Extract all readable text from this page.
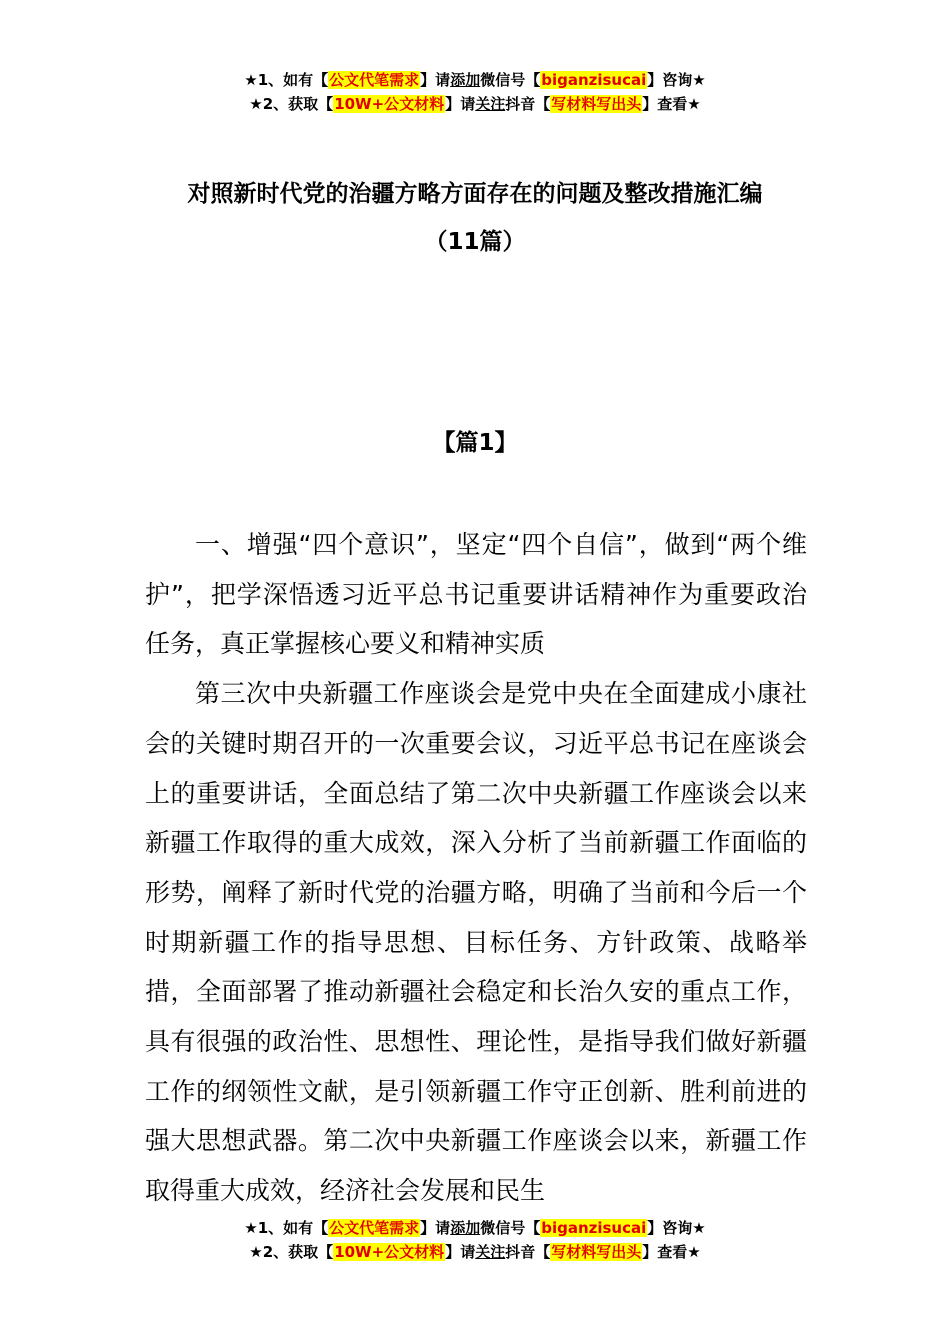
★1、如有【公文代笔需求】请添加微信号【biganzisucai】咨询★
★2、获取【10W+公文材料】请关注抖音【写材料写出头】查看★
对照新时代党的治疆方略方面存在的问题及整改措施汇编
（11篇）
【篇1】

一、增强“四个意识”，坚定“四个自信”，做到“两个维护”，把学深悟透习近平总书记重要讲话精神作为重要政治任务，真正掌握核心要义和精神实质

第三次中央新疆工作座谈会是党中央在全面建成小康社会的关键时期召开的一次重要会议，习近平总书记在座谈会上的重要讲话，全面总结了第二次中央新疆工作座谈会以来新疆工作取得的重大成效，深入分析了当前新疆工作面临的形势，阐释了新时代党的治疆方略，明确了当前和今后一个时期新疆工作的指导思想、目标任务、方针政策、战略举措，全面部署了推动新疆社会稳定和长治久安的重点工作，具有很强的政治性、思想性、理论性，是指导我们做好新疆工作的纲领性文献，是引领新疆工作守正创新、胜利前进的强大思想武器。第二次中央新疆工作座谈会以来，新疆工作取得重大成效，经济社会发展和民生

★1、如有【公文代笔需求】请添加微信号【biganzisucai】咨询★
★2、获取【10W+公文材料】请关注抖音【写材料写出头】查看★
